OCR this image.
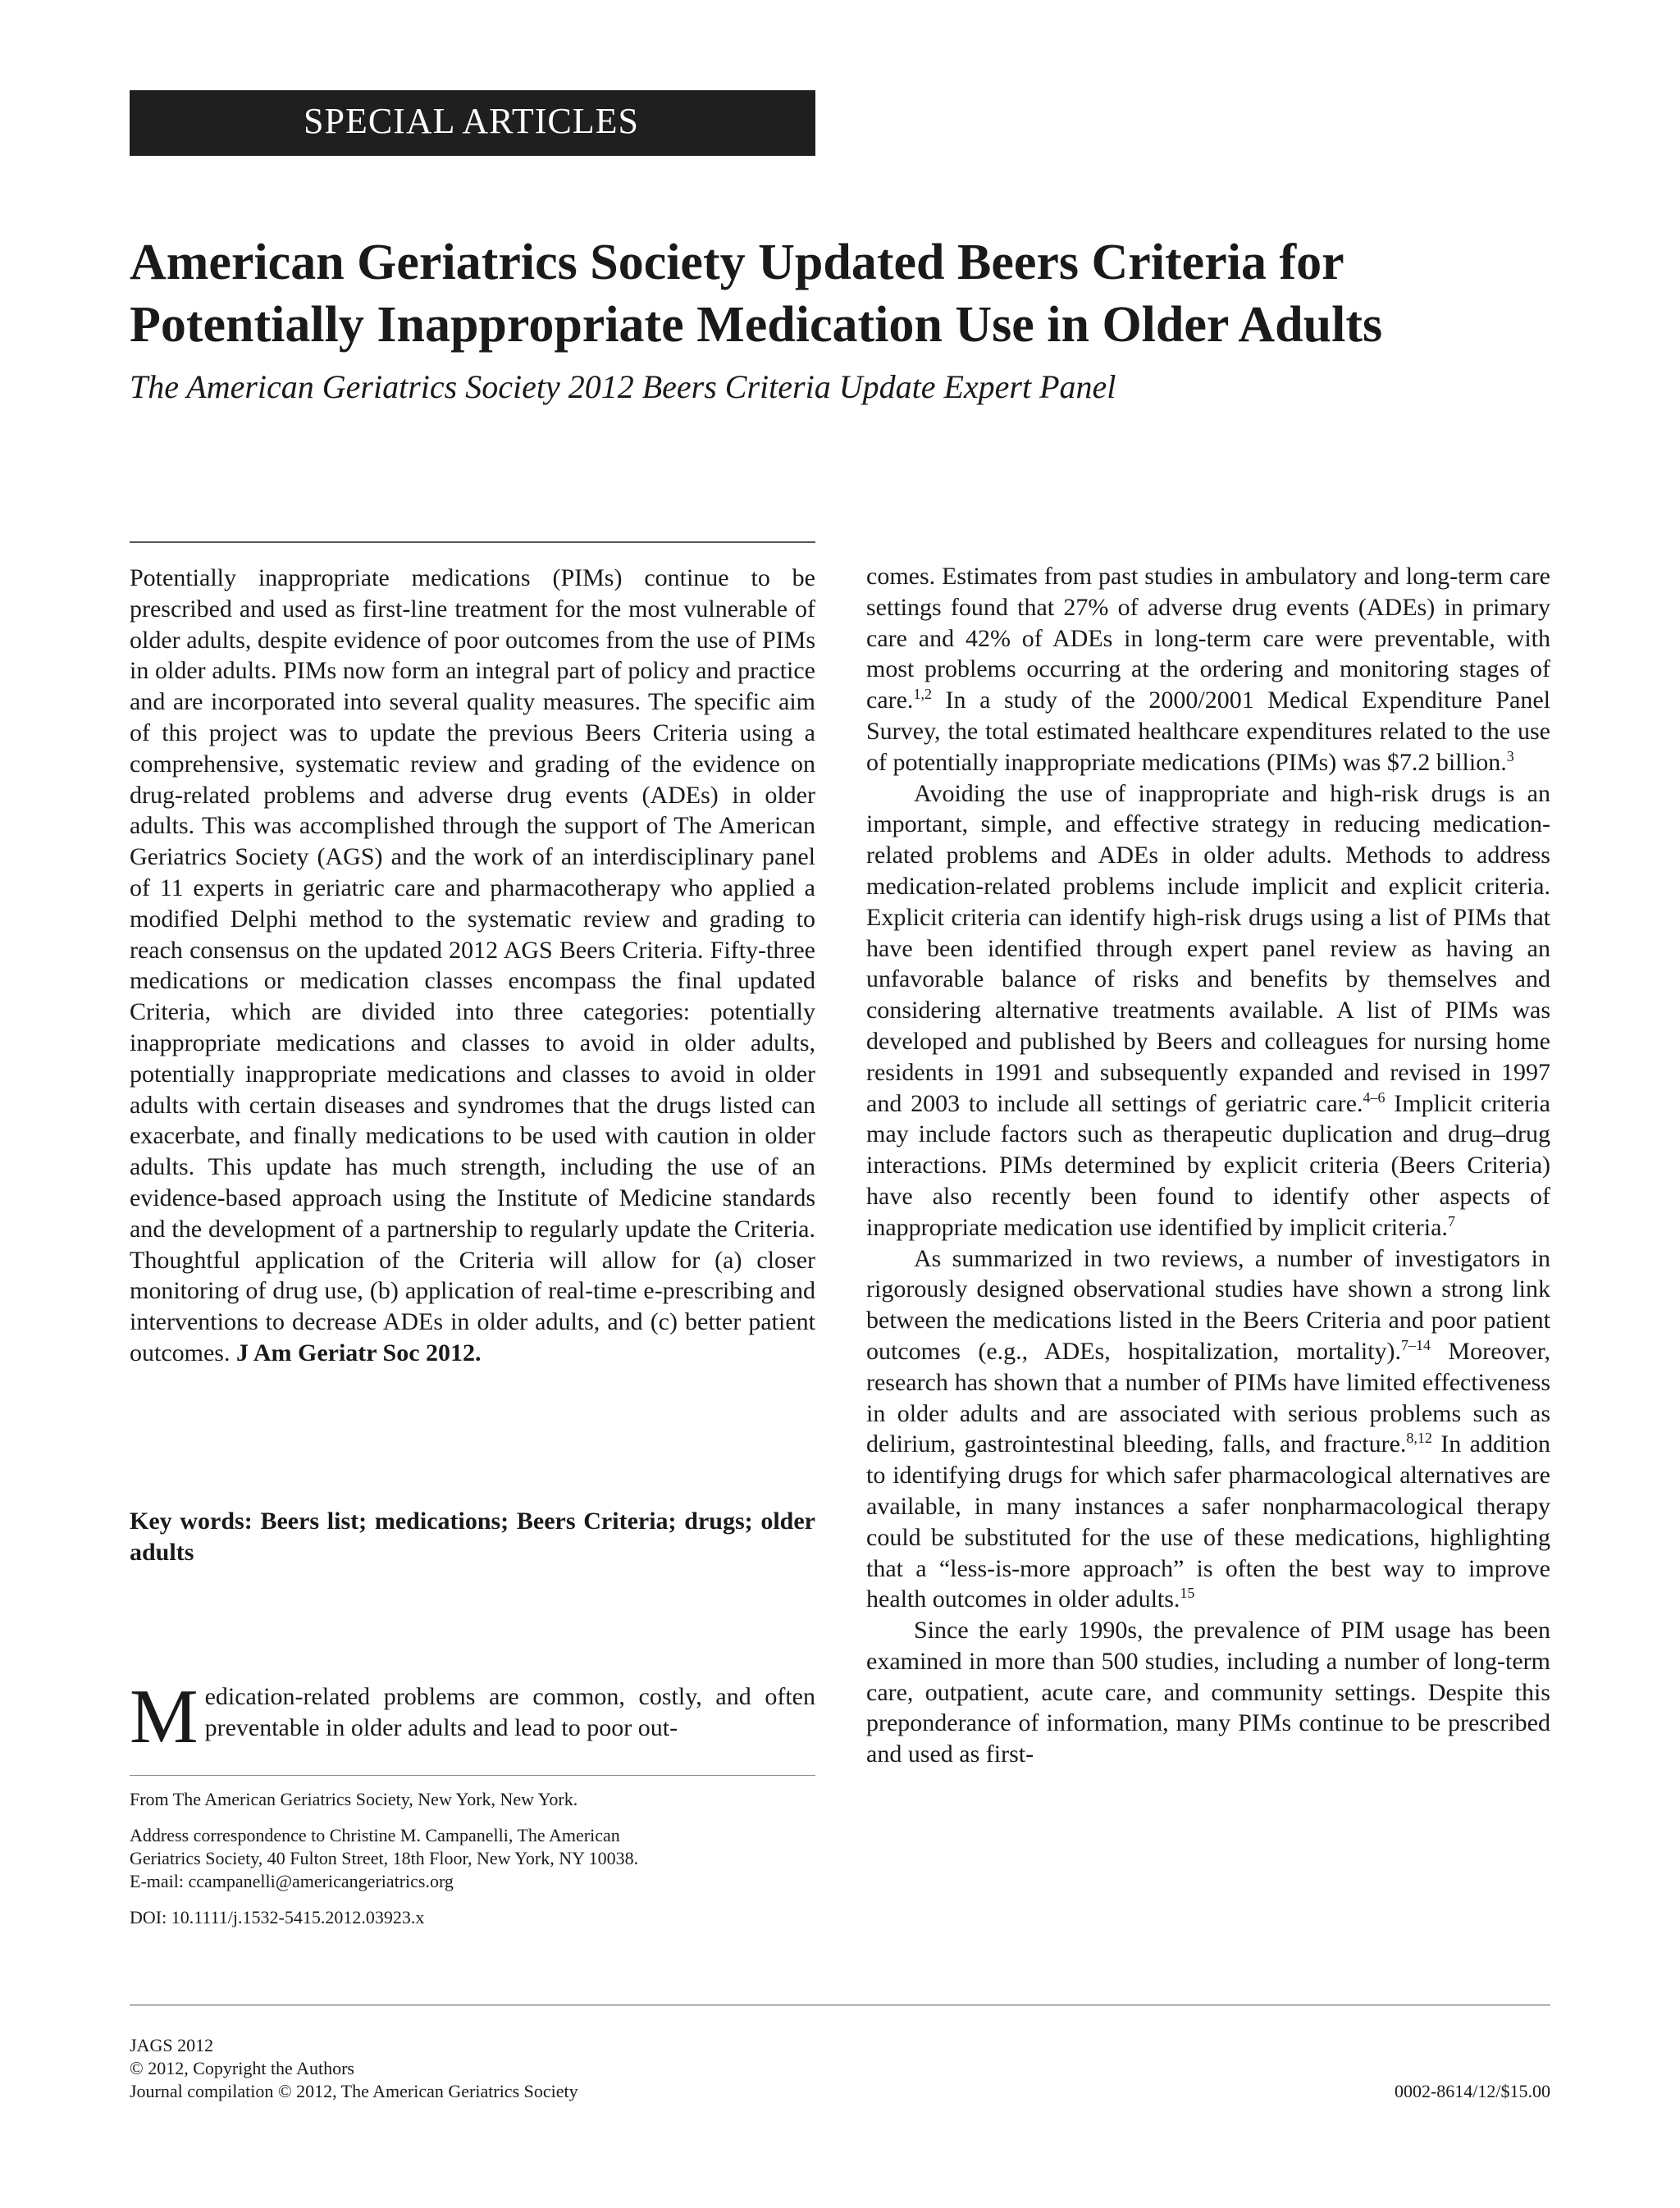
SPECIAL ARTICLES
American Geriatrics Society Updated Beers Criteria for
Potentially Inappropriate Medication Use in Older Adults
The American Geriatrics Society 2012 Beers Criteria Update Expert Panel

Potentially inappropriate medications (PIMs) continue to be prescribed and used as first-line treatment for the most vulnerable of older adults, despite evidence of poor outcomes from the use of PIMs in older adults. PIMs now form an integral part of policy and practice and are incorporated into several quality measures. The specific aim of this project was to update the previous Beers Criteria using a comprehensive, systematic review and grading of the evidence on drug-related problems and adverse drug events (ADEs) in older adults. This was accomplished through the support of The American Geriatrics Society (AGS) and the work of an interdisciplinary panel of 11 experts in geriatric care and pharmacotherapy who applied a modified Delphi method to the systematic review and grading to reach consensus on the updated 2012 AGS Beers Criteria. Fifty-three medications or medication classes encompass the final updated Criteria, which are divided into three categories: potentially inappropriate medications and classes to avoid in older adults, potentially inappropriate medications and classes to avoid in older adults with certain diseases and syndromes that the drugs listed can exacerbate, and finally medications to be used with caution in older adults. This update has much strength, including the use of an evidence-based approach using the Institute of Medicine standards and the development of a partnership to regularly update the Criteria. Thoughtful application of the Criteria will allow for (a) closer monitoring of drug use, (b) application of real-time e-prescribing and interventions to decrease ADEs in older adults, and (c) better patient outcomes. J Am Geriatr Soc 2012.

Key words: Beers list; medications; Beers Criteria; drugs; older adults
M edication-related problems are common, costly, and often preventable in older adults and lead to poor out-

From The American Geriatrics Society, New York, New York.

Address correspondence to Christine M. Campanelli, The American

Geriatrics Society, 40 Fulton Street, 18th Floor, New York, NY 10038.

E-mail: ccampanelli@americangeriatrics.org

DOI: 10.1111/j.1532-5415.2012.03923.x

comes. Estimates from past studies in ambulatory and long-term care settings found that 27% of adverse drug events (ADEs) in primary care and 42% of ADEs in long-term care were preventable, with most problems occurring at the ordering and monitoring stages of care.$^{1,2}$ In a study of the 2000/2001 Medical Expenditure Panel Survey, the total estimated healthcare expenditures related to the use of potentially inappropriate medications (PIMs) was $7.2 billion.$^3$

Avoiding the use of inappropriate and high-risk drugs is an important, simple, and effective strategy in reducing medication-related problems and ADEs in older adults. Methods to address medication-related problems include implicit and explicit criteria. Explicit criteria can identify high-risk drugs using a list of PIMs that have been identified through expert panel review as having an unfavorable balance of risks and benefits by themselves and considering alternative treatments available. A list of PIMs was developed and published by Beers and colleagues for nursing home residents in 1991 and subsequently expanded and revised in 1997 and 2003 to include all settings of geriatric care.$^{4-6}$ Implicit criteria may include factors such as therapeutic duplication and drug–drug interactions. PIMs determined by explicit criteria (Beers Criteria) have also recently been found to identify other aspects of inappropriate medication use identified by implicit criteria.$^7$

As summarized in two reviews, a number of investigators in rigorously designed observational studies have shown a strong link between the medications listed in the Beers Criteria and poor patient outcomes (e.g., ADEs, hospitalization, mortality).$^{7-14}$ Moreover, research has shown that a number of PIMs have limited effectiveness in older adults and are associated with serious problems such as delirium, gastrointestinal bleeding, falls, and fracture.$^{8,12}$ In addition to identifying drugs for which safer pharmacological alternatives are available, in many instances a safer nonpharmacological therapy could be substituted for the use of these medications, highlighting that a “less-is-more approach” is often the best way to improve health outcomes in older adults.$^{15}$

Since the early 1990s, the prevalence of PIM usage has been examined in more than 500 studies, including a number of long-term care, outpatient, acute care, and community settings. Despite this preponderance of information, many PIMs continue to be prescribed and used as first-

JAGS 2012
© 2012, Copyright the Authors
Journal compilation © 2012, The American Geriatrics Society	0002-8614/12/$15.00
